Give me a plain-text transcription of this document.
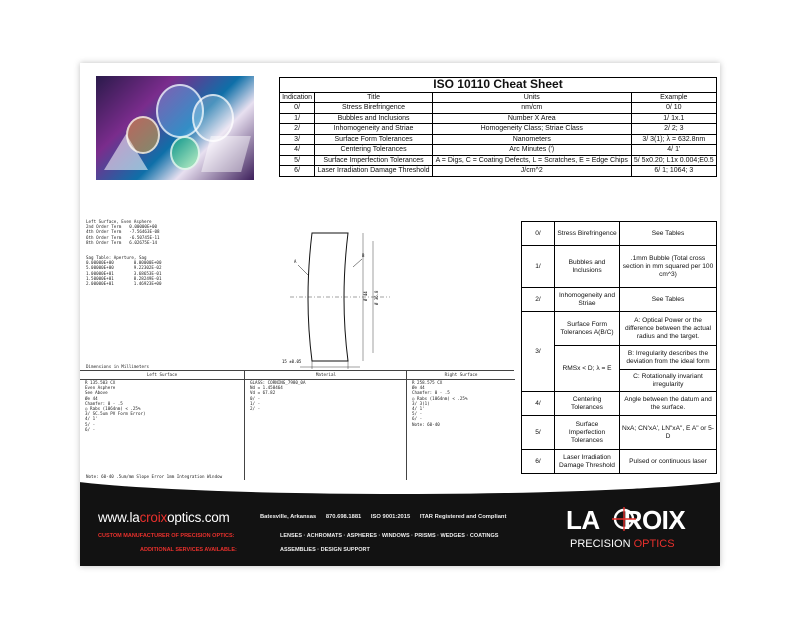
ISO 10110 Cheat Sheet			
Indication	Title	Units	Example
0/	Stress Birefringence	nm/cm	0/ 10
1/	Bubbles and Inclusions	Number X Area	1/ 1x.1
2/	Inhomogeneity and Striae	Homogeneity Class; Striae Class	2/ 2; 3
3/	Surface Form Tolerances	Nanometers	3/ 3(1); λ = 632.8nm
4/	Centering Tolerances	Arc Minutes (')	4/ 1'
5/	Surface Imperfection Tolerances	A = Digs, C = Coating Defects, L = Scratches, E = Edge Chips	5/ 5x0.20; L1x 0.004;E0.5
6/	Laser Irradiation Damage Threshold	J/cm^2	6/ 1; 1064; 3
Left Surface, Even Asphere
2nd Order Term	0.00000E+00
4th Order Term	-7.56463E-08
6th Order Term	-6.50745E-11
8th Order Term	6.02675E-14
Sag Table: Aperture, Sag
0.00000E+00	0.00000E+00
5.00000E+00	9.22302E-02
1.00000E+01	3.68653E-01
1.50000E+01	8.28249E-01
2.00000E+01	1.46923E+00
Ø 44 Ø 36.8
15 ±0.05
A
B
Dimensions in Millimeters
Left Surface
R 135.503 CX
Even Asphere
See Above
Øe 44
Chamfer: 0 - .5
◎ Rabs (1064nm) < .25%
3/ SC.5um PV Form Error)
4/ 1'
5/ -
6/ -
Material
GLASS: CORNING_7980_0A
Nd = 1.458464
Vd = 67.82
0/ -
1/ -
2/ -
Right Surface
R 258.575 CX
Øe 44
Chamfer: 0 - .5
◎ Rabs (1064nm) < .25%
3/ 3(1)
4/ 1'
5/ -
6/ -
Note: 60-40
Note: 60-40 .5um/mm Slope Error 1mm Integration Window
0/	Stress Birefringence	See Tables
1/	Bubbles and Inclusions	.1mm Bubble (Total cross section in mm squared per 100 cm^3)
2/	Inhomogeneity and Striae	See Tables
3/	Surface Form Tolerances A(B/C)	A: Optical Power or the difference between the actual radius and the target.
	RMSx < D; λ = E	B: Irregularity describes the deviation from the ideal form
		C: Rotationally invariant irregularity
4/	Centering Tolerances	Angle between the datum and the surface.
5/	Surface Imperfection Tolerances	NxA; CN'xA', LN"xA", E A" or 5-D
6/	Laser Irradiation Damage Threshold	Pulsed or continuous laser
www.lacroixoptics.com	Batesville, Arkansas 870.698.1881 ISO 9001:2015 ITAR Registered and Compliant
CUSTOM MANUFACTURER OF PRECISION OPTICS:	LENSES · ACHROMATS · ASPHERES · WINDOWS · PRISMS · WEDGES · COATINGS
ADDITIONAL SERVICES AVAILABLE:	ASSEMBLIES · DESIGN SUPPORT
LA ROIX
PRECISION OPTICS
